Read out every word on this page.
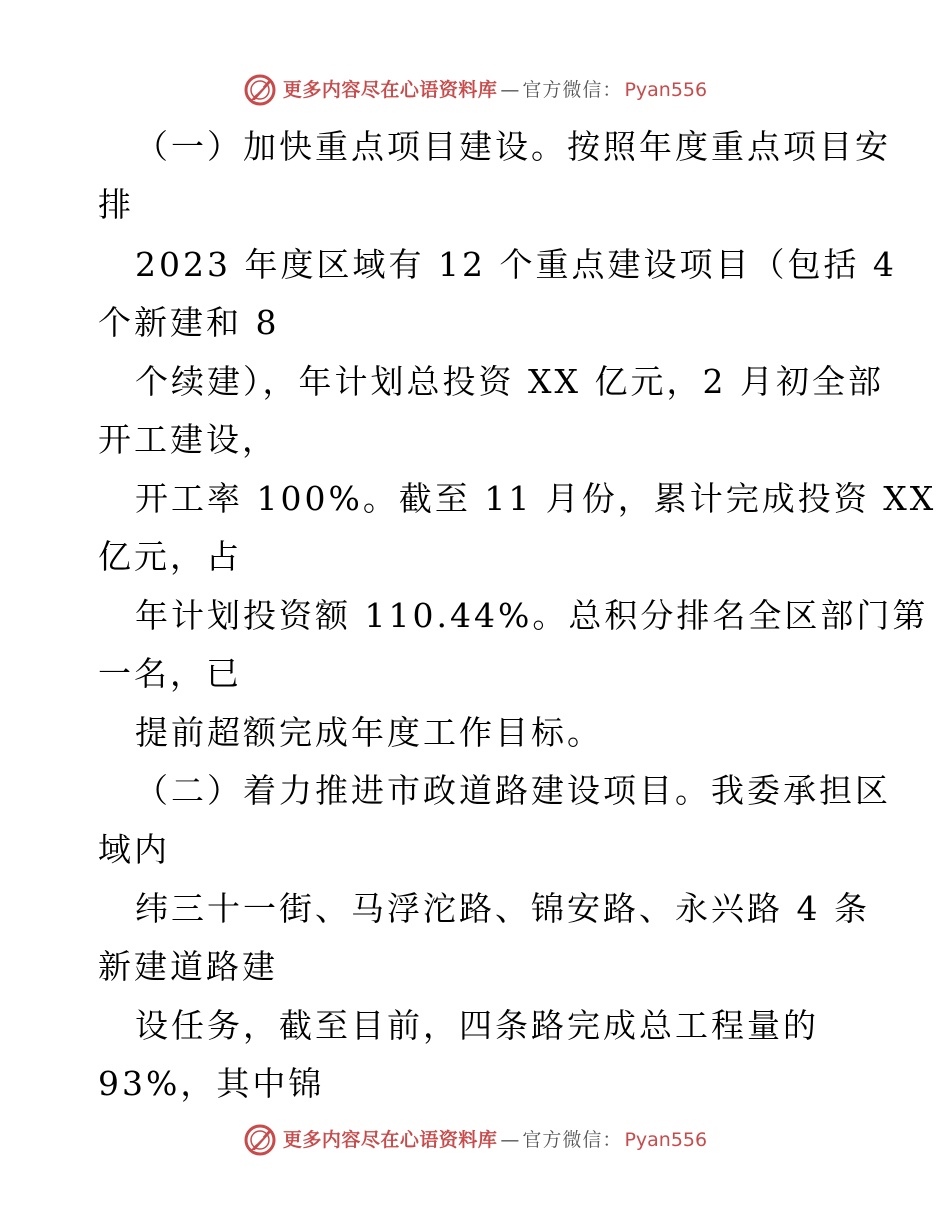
更多内容尽在心语资料库 — 官方微信： Pyan556
（一）加快重点项目建设。按照年度重点项目安
排
2023 年度区域有 12 个重点建设项目（包括 4
个新建和 8
个续建），年计划总投资 XX 亿元，2 月初全部
开工建设，
开工率 100%。截至 11 月份，累计完成投资 XX
亿元，占
年计划投资额 110.44%。总积分排名全区部门第
一名，已
提前超额完成年度工作目标。
（二）着力推进市政道路建设项目。我委承担区
域内
纬三十一街、马浮沱路、锦安路、永兴路 4 条
新建道路建
设任务，截至目前，四条路完成总工程量的
93%，其中锦
更多内容尽在心语资料库 — 官方微信： Pyan556
